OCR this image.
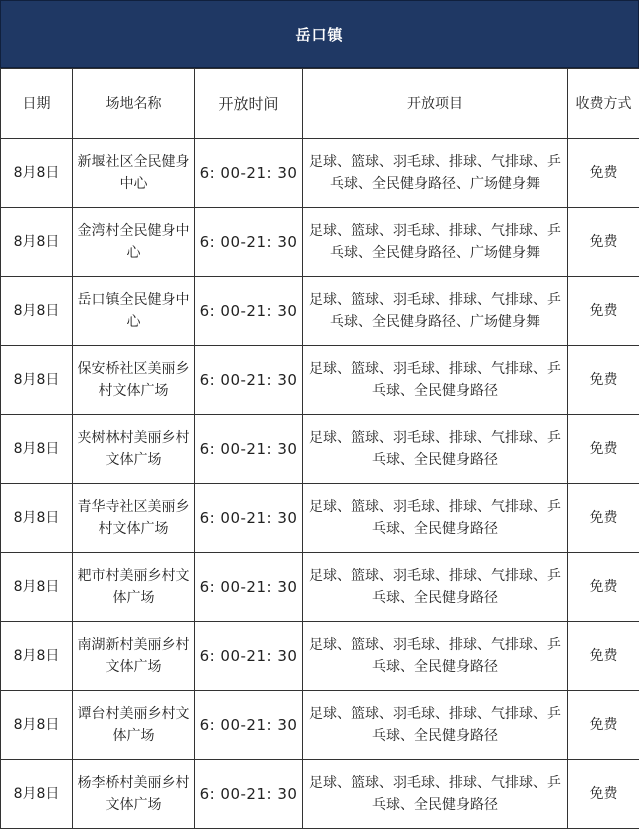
岳口镇
日期	场地名称	开放时间	开放项目	收费方式
8月8日	新堰社区全民健身中心	6: 00-21: 30	足球、篮球、羽毛球、排球、气排球、乒乓球、全民健身路径、广场健身舞	免费
8月8日	金湾村全民健身中心	6: 00-21: 30	足球、篮球、羽毛球、排球、气排球、乒乓球、全民健身路径、广场健身舞	免费
8月8日	岳口镇全民健身中心	6: 00-21: 30	足球、篮球、羽毛球、排球、气排球、乒乓球、全民健身路径、广场健身舞	免费
8月8日	保安桥社区美丽乡村文体广场	6: 00-21: 30	足球、篮球、羽毛球、排球、气排球、乒乓球、全民健身路径	免费
8月8日	夹树林村美丽乡村文体广场	6: 00-21: 30	足球、篮球、羽毛球、排球、气排球、乒乓球、全民健身路径	免费
8月8日	青华寺社区美丽乡村文体广场	6: 00-21: 30	足球、篮球、羽毛球、排球、气排球、乒乓球、全民健身路径	免费
8月8日	耙市村美丽乡村文体广场	6: 00-21: 30	足球、篮球、羽毛球、排球、气排球、乒乓球、全民健身路径	免费
8月8日	南湖新村美丽乡村文体广场	6: 00-21: 30	足球、篮球、羽毛球、排球、气排球、乒乓球、全民健身路径	免费
8月8日	谭台村美丽乡村文体广场	6: 00-21: 30	足球、篮球、羽毛球、排球、气排球、乒乓球、全民健身路径	免费
8月8日	杨李桥村美丽乡村文体广场	6: 00-21: 30	足球、篮球、羽毛球、排球、气排球、乒乓球、全民健身路径	免费
